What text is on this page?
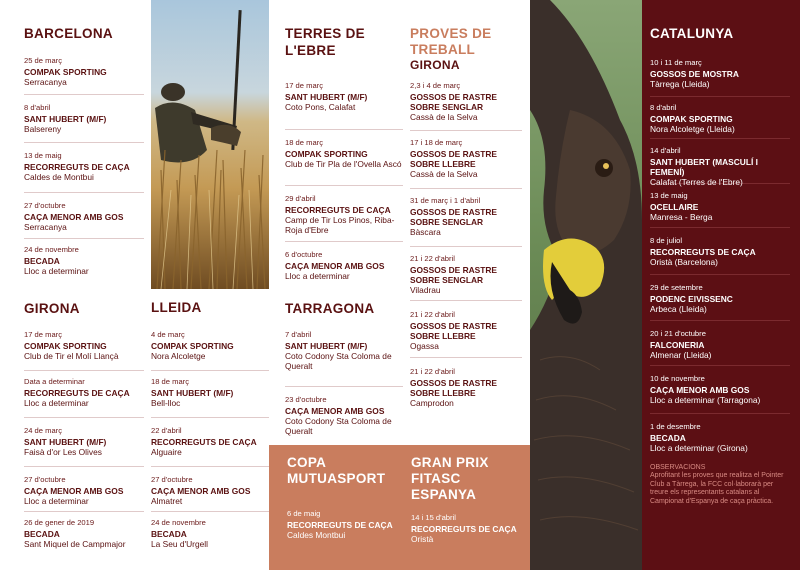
BARCELONA
25 de març
COMPAK SPORTING
Serracanya
8 d'abril
SANT HUBERT (M/F)
Balserenу
13 de maig
RECORREGUTS DE CAÇA
Caldes de Montbui
27 d'octubre
CAÇA MENOR AMB GOS
Serracanya
24 de novembre
BECADA
Lloc a determinar
GIRONA
17 de març
COMPAK SPORTING
Club de Tir el Molí Llançà
Data a determinar
RECORREGUTS DE CAÇA
Lloc a determinar
24 de març
SANT HUBERT (M/F)
Faisà d'or Les Olives
27 d'octubre
CAÇA MENOR AMB GOS
Lloc a determinar
26 de gener de 2019
BECADA
Sant Miquel de Campmajor
LLEIDA
4 de març
COMPAK SPORTING
Nora Alcoletge
18 de març
SANT HUBERT (M/F)
Bell-lloc
22 d'abril
RECORREGUTS DE CAÇA
Alguaire
27 d'octubre
CAÇA MENOR AMB GOS
Almatret
24 de novembre
BECADA
La Seu d'Urgell
TERRES DE
L'EBRE
17 de març
SANT HUBERT (M/F)
Coto Pons, Calafat
18 de març
COMPAK SPORTING
Club de Tir Pla de l'Ovella Ascó
29 d'abril
RECORREGUTS DE CAÇA
Camp de Tir Los Pinos, Riba-Roja d'Ebre
6 d'octubre
CAÇA MENOR AMB GOS
Lloc a determinar
TARRAGONA
7 d'abril
SANT HUBERT (M/F)
Coto Codony Sta Coloma de Queralt
23 d'octubre
CAÇA MENOR AMB GOS
Coto Codony Sta Coloma de Queralt
PROVES DE
TREBALL
GIRONA
2,3 i 4 de març
GOSSOS DE RASTRE
SOBRE SENGLAR
Cassà de la Selva
17 i 18 de març
GOSSOS DE RASTRE
SOBRE LLEBRE
Cassà de la Selva
31 de març i 1 d'abril
GOSSOS DE RASTRE
SOBRE SENGLAR
Bàscara
21 i 22 d'abril
GOSSOS DE RASTRE
SOBRE SENGLAR
Viladrau
21 i 22 d'abril
GOSSOS DE RASTRE
SOBRE LLEBRE
Ogassa
21 i 22 d'abril
GOSSOS DE RASTRE
SOBRE LLEBRE
Camprodon
COPA
MUTUASPORT
6 de maig
RECORREGUTS DE CAÇA
Caldes Montbui
GRAN PRIX
FITASC
ESPANYA
14 i 15 d'abril
RECORREGUTS DE CAÇA
Oristà
CATALUNYA
10 i 11 de març
GOSSOS DE MOSTRA
Tàrrega (Lleida)
8 d'abril
COMPAK SPORTING
Nora Alcoletge (Lleida)
14 d'abril
SANT HUBERT (MASCULÍ I FEMENÍ)
Calafat (Terres de l'Ebre)
13 de maig
OCELLAIRE
Manresa - Berga
8 de juliol
RECORREGUTS DE CAÇA
Oristà (Barcelona)
29 de setembre
PODENC EIVISSENC
Arbeca (Lleida)
20 i 21 d'octubre
FALCONERIA
Almenar (Lleida)
10 de novembre
CAÇA MENOR AMB GOS
Lloc a determinar (Tarragona)
1 de desembre
BECADA
Lloc a determinar (Girona)
OBSERVACIONS
Aprofitant les proves que realitza el Pointer Club a Tàrrega, la FCC col·laborarà per treure els representants catalans al Campionat d'Espanya de caça pràctica.
